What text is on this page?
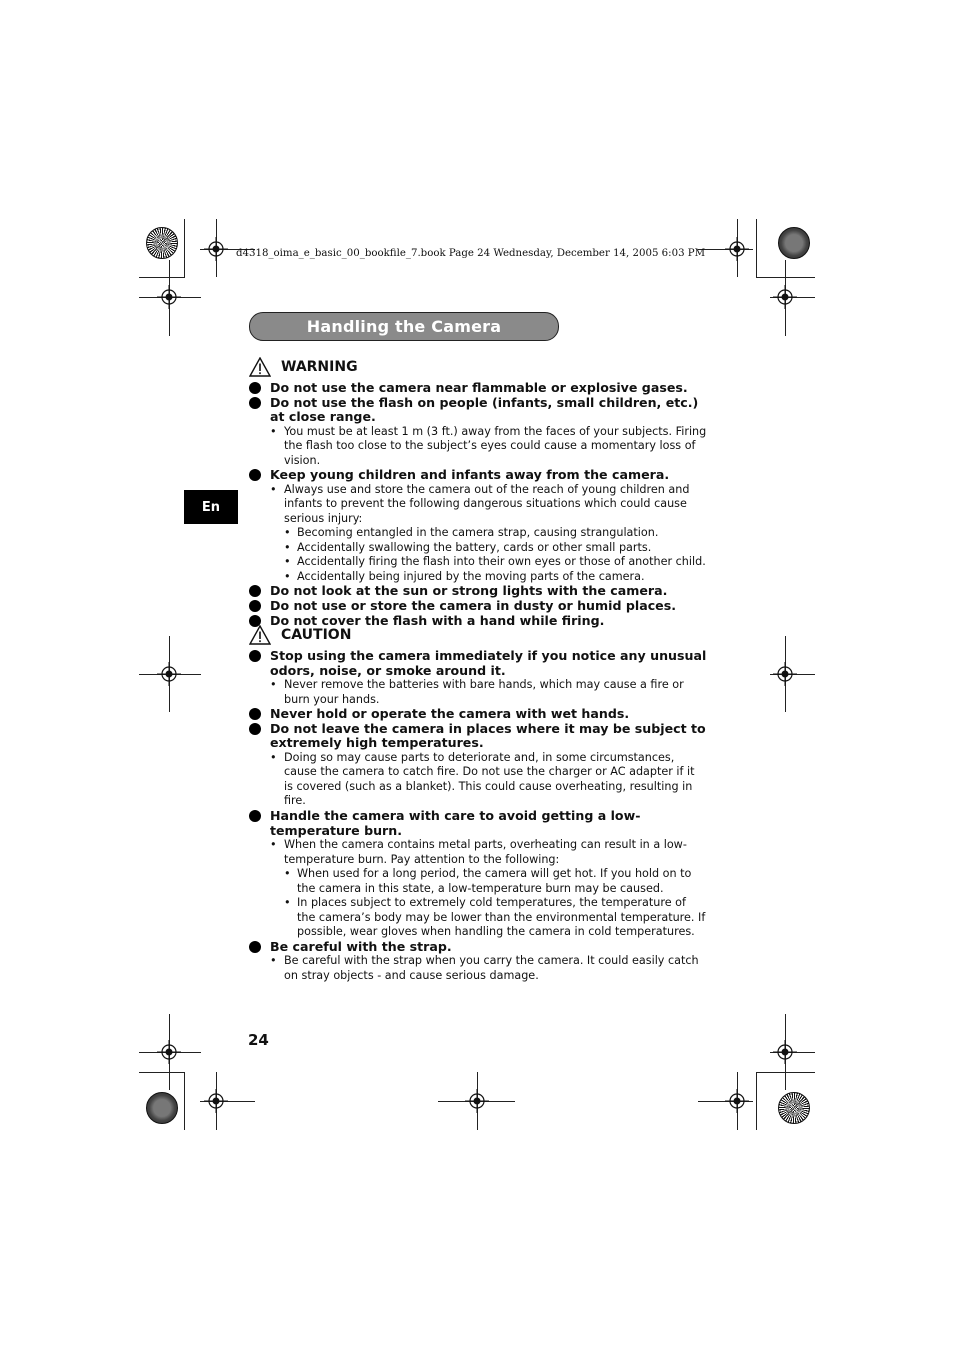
d4318_oima_e_basic_00_bookfile_7.book Page 24 Wednesday, December 14, 2005 6:03 PM
Handling the Camera
En
WARNING
Do not use the camera near flammable or explosive gases.
Do not use the flash on people (infants, small children, etc.) at close range.
• You must be at least 1 m (3 ft.) away from the faces of your subjects. Firing the flash too close to the subject’s eyes could cause a momentary loss of vision.
Keep young children and infants away from the camera.
• Always use and store the camera out of the reach of young children and infants to prevent the following dangerous situations which could cause serious injury:
• Becoming entangled in the camera strap, causing strangulation.
• Accidentally swallowing the battery, cards or other small parts.
• Accidentally firing the flash into their own eyes or those of another child.
• Accidentally being injured by the moving parts of the camera.
Do not look at the sun or strong lights with the camera.
Do not use or store the camera in dusty or humid places.
Do not cover the flash with a hand while firing.
CAUTION
Stop using the camera immediately if you notice any unusual odors, noise, or smoke around it.
• Never remove the batteries with bare hands, which may cause a fire or burn your hands.
Never hold or operate the camera with wet hands.
Do not leave the camera in places where it may be subject to extremely high temperatures.
• Doing so may cause parts to deteriorate and, in some circumstances, cause the camera to catch fire. Do not use the charger or AC adapter if it is covered (such as a blanket). This could cause overheating, resulting in fire.
Handle the camera with care to avoid getting a low-temperature burn.
• When the camera contains metal parts, overheating can result in a low-temperature burn. Pay attention to the following:
• When used for a long period, the camera will get hot. If you hold on to the camera in this state, a low-temperature burn may be caused.
• In places subject to extremely cold temperatures, the temperature of the camera’s body may be lower than the environmental temperature. If possible, wear gloves when handling the camera in cold temperatures.
Be careful with the strap.
• Be careful with the strap when you carry the camera. It could easily catch on stray objects - and cause serious damage.
24
